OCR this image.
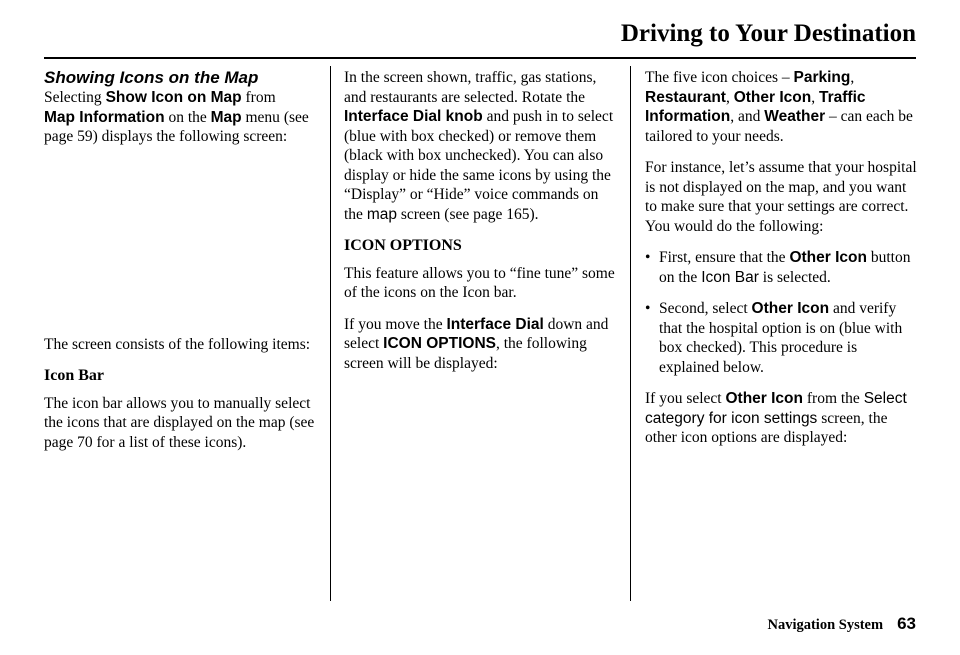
Driving to Your Destination
Showing Icons on the Map

Selecting Show Icon on Map from
Map Information on the Map menu (see page 59) displays the following screen:

The screen consists of the following items:

Icon Bar

The icon bar allows you to manually select the icons that are displayed on the map (see page 70 for a list of these icons).

In the screen shown, traffic, gas stations, and restaurants are selected. Rotate the Interface Dial knob and push in to select (blue with box checked) or remove them (black with box unchecked). You can also display or hide the same icons by using the “Display” or “Hide” voice commands on the map screen (see page 165).

ICON OPTIONS

This feature allows you to “fine tune” some of the icons on the Icon bar.

If you move the Interface Dial down and select ICON OPTIONS, the following screen will be displayed:

The five icon choices – Parking, Restaurant, Other Icon, Traffic Information, and Weather – can each be tailored to your needs.

For instance, let’s assume that your hospital is not displayed on the map, and you want to make sure that your settings are correct. You would do the following:

• First, ensure that the Other Icon button on the Icon Bar is selected.
• Second, select Other Icon and verify that the hospital option is on (blue with box checked). This procedure is explained below.

If you select Other Icon from the Select category for icon settings screen, the other icon options are displayed:

Navigation System 63
